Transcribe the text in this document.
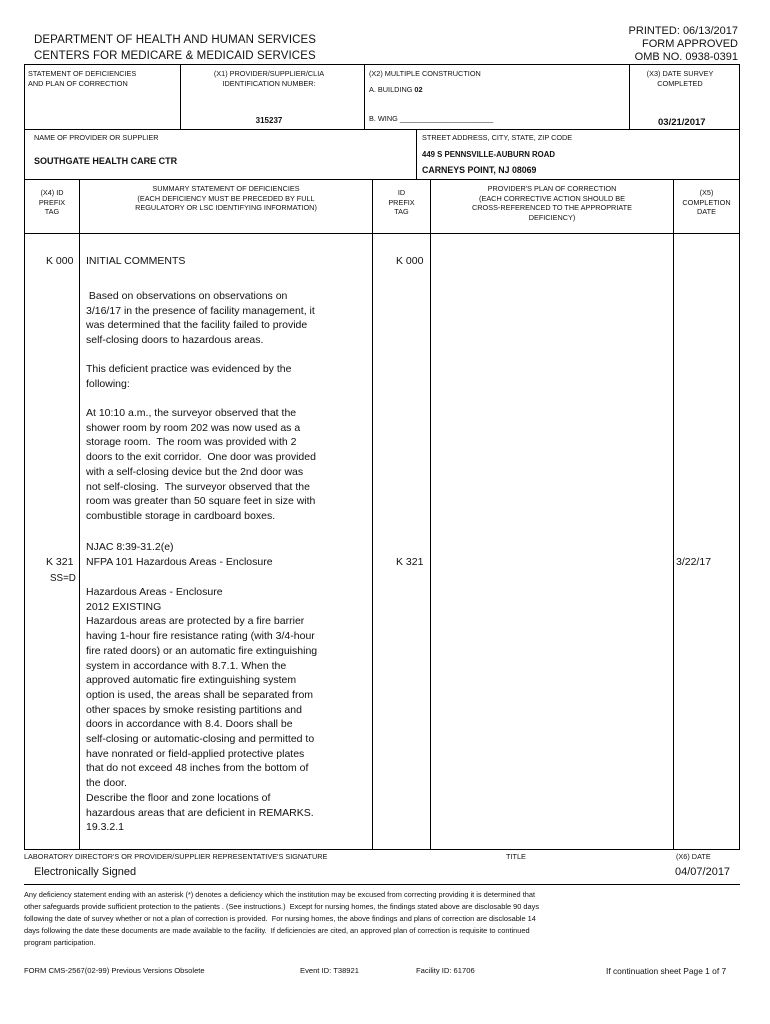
DEPARTMENT OF HEALTH AND HUMAN SERVICES
CENTERS FOR MEDICARE & MEDICAID SERVICES
PRINTED: 06/13/2017
FORM APPROVED
OMB NO. 0938-0391
STATEMENT OF DEFICIENCIES
AND PLAN OF CORRECTION
(X1) PROVIDER/SUPPLIER/CLIA
IDENTIFICATION NUMBER:
315237
(X2) MULTIPLE CONSTRUCTION
A. BUILDING 02
B. WING _______________________
(X3) DATE SURVEY
COMPLETED
03/21/2017
NAME OF PROVIDER OR SUPPLIER
SOUTHGATE HEALTH CARE CTR
STREET ADDRESS, CITY, STATE, ZIP CODE
449 S PENNSVILLE-AUBURN ROAD
CARNEYS POINT, NJ 08069
(X4) ID
PREFIX
TAG
SUMMARY STATEMENT OF DEFICIENCIES
(EACH DEFICIENCY MUST BE PRECEDED BY FULL
REGULATORY OR LSC IDENTIFYING INFORMATION)
ID
PREFIX
TAG
PROVIDER'S PLAN OF CORRECTION
(EACH CORRECTIVE ACTION SHOULD BE
CROSS-REFERENCED TO THE APPROPRIATE
DEFICIENCY)
(X5)
COMPLETION
DATE
K 000 INITIAL COMMENTS	K 000
Based on observations on observations on
3/16/17 in the presence of facility management, it
was determined that the facility failed to provide
self-closing doors to hazardous areas.
This deficient practice was evidenced by the
following:
At 10:10 a.m., the surveyor observed that the
shower room by room 202 was now used as a
storage room.  The room was provided with 2
doors to the exit corridor.  One door was provided
with a self-closing device but the 2nd door was
not self-closing.  The surveyor observed that the
room was greater than 50 square feet in size with
combustible storage in cardboard boxes.
NJAC 8:39-31.2(e)
K 321
SS=D
NFPA 101 Hazardous Areas - Enclosure	K 321	3/22/17
Hazardous Areas - Enclosure
2012 EXISTING
Hazardous areas are protected by a fire barrier
having 1-hour fire resistance rating (with 3/4-hour
fire rated doors) or an automatic fire extinguishing
system in accordance with 8.7.1. When the
approved automatic fire extinguishing system
option is used, the areas shall be separated from
other spaces by smoke resisting partitions and
doors in accordance with 8.4. Doors shall be
self-closing or automatic-closing and permitted to
have nonrated or field-applied protective plates
that do not exceed 48 inches from the bottom of
the door.
Describe the floor and zone locations of
hazardous areas that are deficient in REMARKS.
19.3.2.1
LABORATORY DIRECTOR'S OR PROVIDER/SUPPLIER REPRESENTATIVE'S SIGNATURE
Electronically Signed
TITLE	(X6) DATE
04/07/2017
Any deficiency statement ending with an asterisk (*) denotes a deficiency which the institution may be excused from correcting providing it is determined that
other safeguards provide sufficient protection to the patients . (See instructions.)  Except for nursing homes, the findings stated above are disclosable 90 days
following the date of survey whether or not a plan of correction is provided.  For nursing homes, the above findings and plans of correction are disclosable 14
days following the date these documents are made available to the facility.  If deficiencies are cited, an approved plan of correction is requisite to continued
program participation.
FORM CMS-2567(02-99) Previous Versions Obsolete	Event ID: T38921	Facility ID: 61706	If continuation sheet Page 1 of 7
